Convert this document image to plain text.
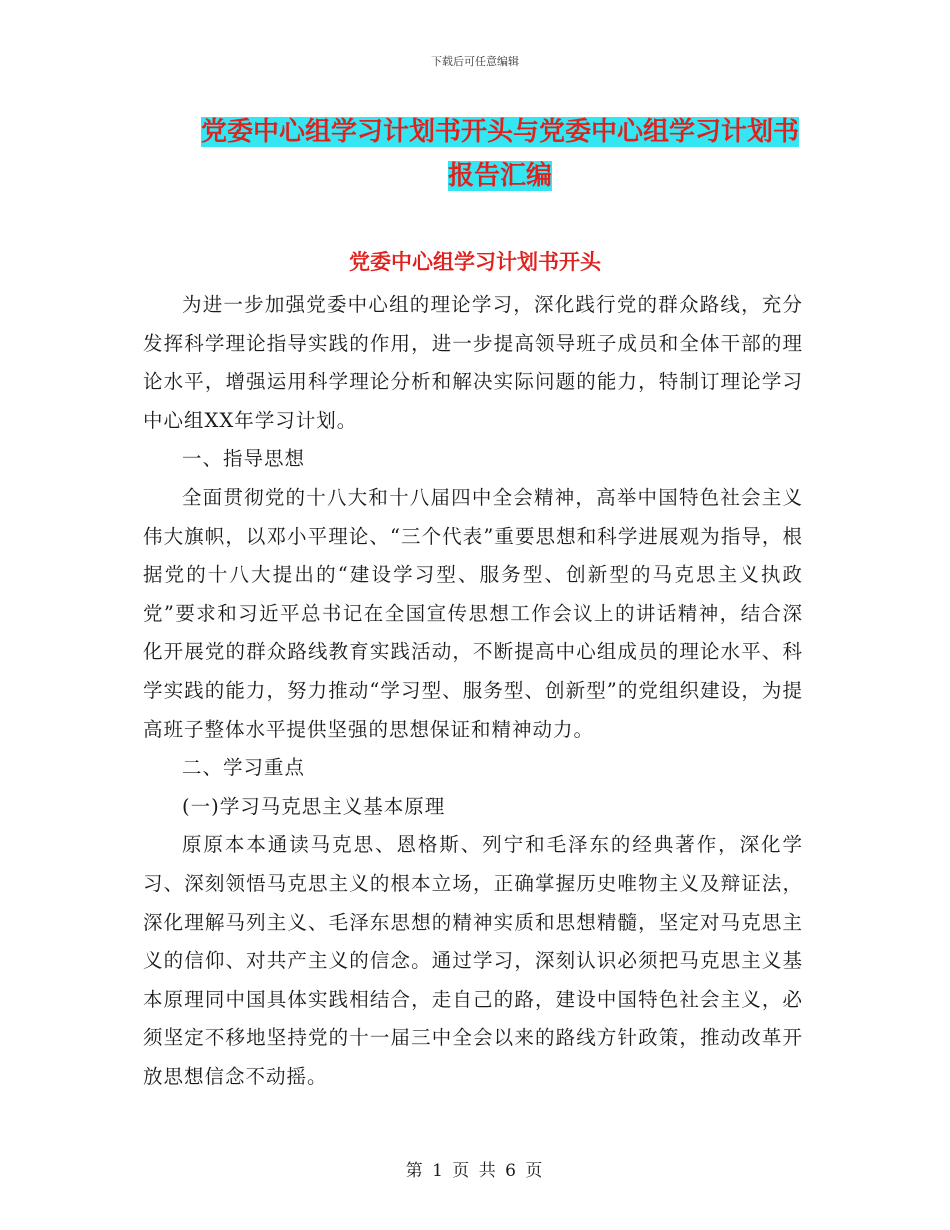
下载后可任意编辑
党委中心组学习计划书开头与党委中心组学习计划书
报告汇编
党委中心组学习计划书开头

为进一步加强党委中心组的理论学习，深化践行党的群众路线，充分发挥科学理论指导实践的作用，进一步提高领导班子成员和全体干部的理论水平，增强运用科学理论分析和解决实际问题的能力，特制订理论学习中心组XX年学习计划。

一、指导思想

全面贯彻党的十八大和十八届四中全会精神，高举中国特色社会主义伟大旗帜，以邓小平理论、“三个代表”重要思想和科学进展观为指导，根据党的十八大提出的“建设学习型、服务型、创新型的马克思主义执政党”要求和习近平总书记在全国宣传思想工作会议上的讲话精神，结合深化开展党的群众路线教育实践活动，不断提高中心组成员的理论水平、科学实践的能力，努力推动“学习型、服务型、创新型”的党组织建设，为提高班子整体水平提供坚强的思想保证和精神动力。

二、学习重点

(一)学习马克思主义基本原理

原原本本通读马克思、恩格斯、列宁和毛泽东的经典著作，深化学习、深刻领悟马克思主义的根本立场，正确掌握历史唯物主义及辩证法，深化理解马列主义、毛泽东思想的精神实质和思想精髓，坚定对马克思主义的信仰、对共产主义的信念。通过学习，深刻认识必须把马克思主义基本原理同中国具体实践相结合，走自己的路，建设中国特色社会主义，必须坚定不移地坚持党的十一届三中全会以来的路线方针政策，推动改革开放思想信念不动摇。

第 1 页 共 6 页
